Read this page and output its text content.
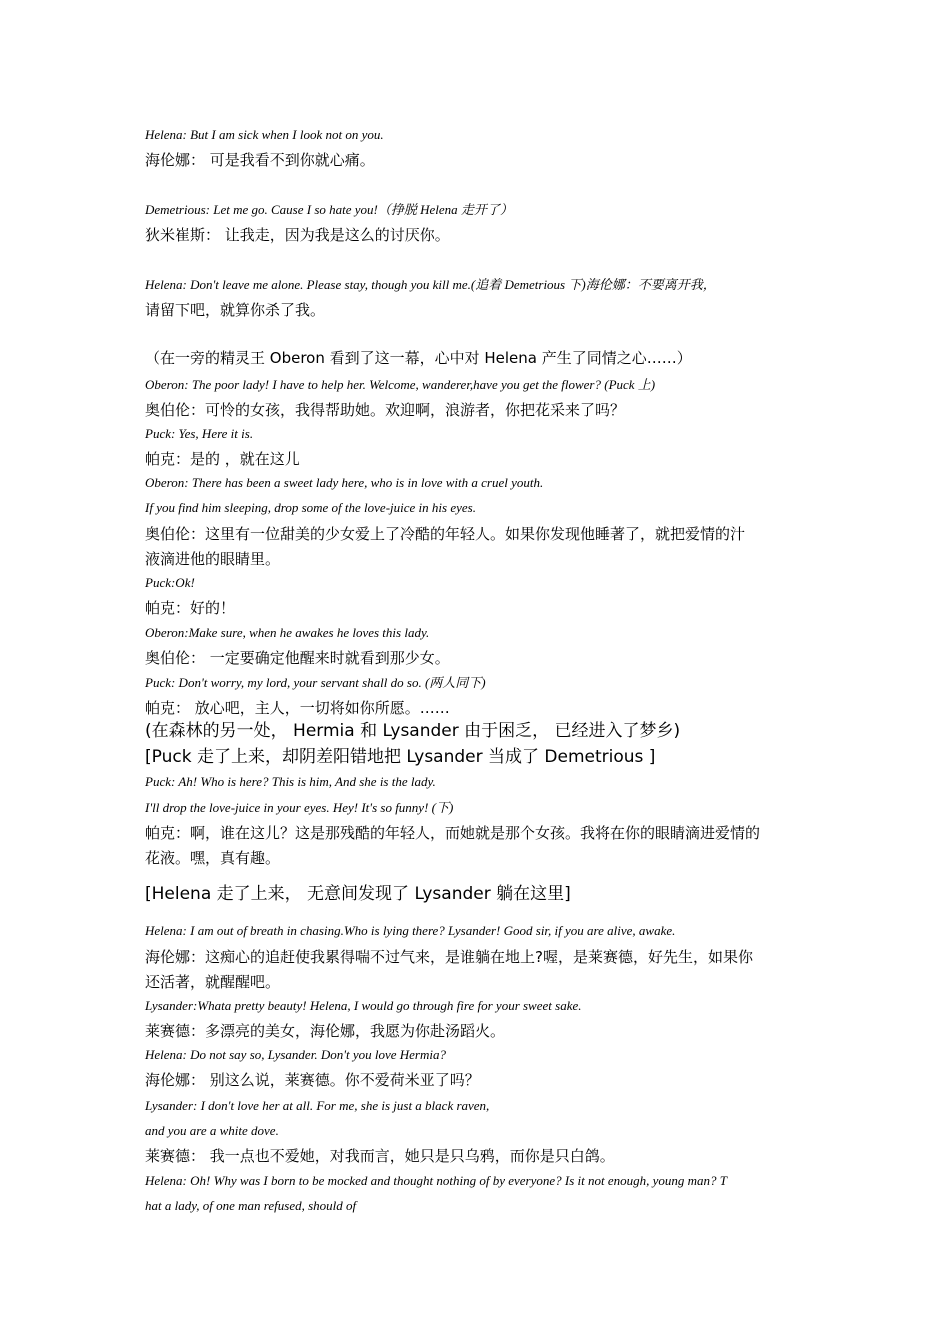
Helena: But I am sick when I look not on you.
海伦娜： 可是我看不到你就心痛。
Demetrious: Let me go. Cause I so hate you!（挣脱 Helena 走开了）
狄米崔斯： 让我走，因为我是这么的讨厌你。
Helena: Don't leave me alone. Please stay, though you kill me.(追着 Demetrious 下)海伦娜：不要离开我，
请留下吧，就算你杀了我。
（在一旁的精灵王 Oberon 看到了这一幕，心中对 Helena 产生了同情之心……）
Oberon: The poor lady! I have to help her. Welcome, wanderer,have you get the flower? (Puck 上)
奥伯伦：可怜的女孩，我得帮助她。欢迎啊，浪游者，你把花采来了吗？
Puck: Yes, Here it is.
帕克：是的 ，就在这儿
Oberon: There has been a sweet lady here, who is in love with a cruel youth.
If you find him sleeping, drop some of the love-juice in his eyes.
奥伯伦：这里有一位甜美的少女爱上了冷酷的年轻人。如果你发现他睡著了，就把爱情的汁
液滴进他的眼睛里。
Puck:Ok!
帕克：好的！
Oberon:Make sure, when he awakes he loves this lady.
奥伯伦： 一定要确定他醒来时就看到那少女。
Puck: Don't worry, my lord, your servant shall do so. (两人同下)
帕克： 放心吧，主人，一切将如你所愿。……
(在森林的另一处， Hermia 和 Lysander 由于困乏， 已经进入了梦乡)
[Puck 走了上来，却阴差阳错地把 Lysander 当成了 Demetrious ]
Puck: Ah! Who is here? This is him, And she is the lady.
I'll drop the love-juice in your eyes. Hey! It's so funny! (下)
帕克：啊，谁在这儿？这是那残酷的年轻人，而她就是那个女孩。我将在你的眼睛滴进爱情的
花液。嘿，真有趣。
[Helena 走了上来， 无意间发现了 Lysander 躺在这里]
Helena: I am out of breath in chasing.Who is lying there? Lysander! Good sir, if you are alive, awake.
海伦娜：这痴心的追赶使我累得喘不过气来，是谁躺在地上?喔，是莱赛德，好先生，如果你
还活著，就醒醒吧。
Lysander:Whata pretty beauty! Helena, I would go through fire for your sweet sake.
莱赛德：多漂亮的美女，海伦娜，我愿为你赴汤蹈火。
Helena: Do not say so, Lysander. Don't you love Hermia?
海伦娜： 别这么说，莱赛德。你不爱荷米亚了吗？
Lysander: I don't love her at all. For me, she is just a black raven,
and you are a white dove.
莱赛德： 我一点也不爱她，对我而言，她只是只乌鸦，而你是只白鸽。
Helena: Oh! Why was I born to be mocked and thought nothing of by everyone? Is it not enough, young man? T
hat a lady, of one man refused, should of
